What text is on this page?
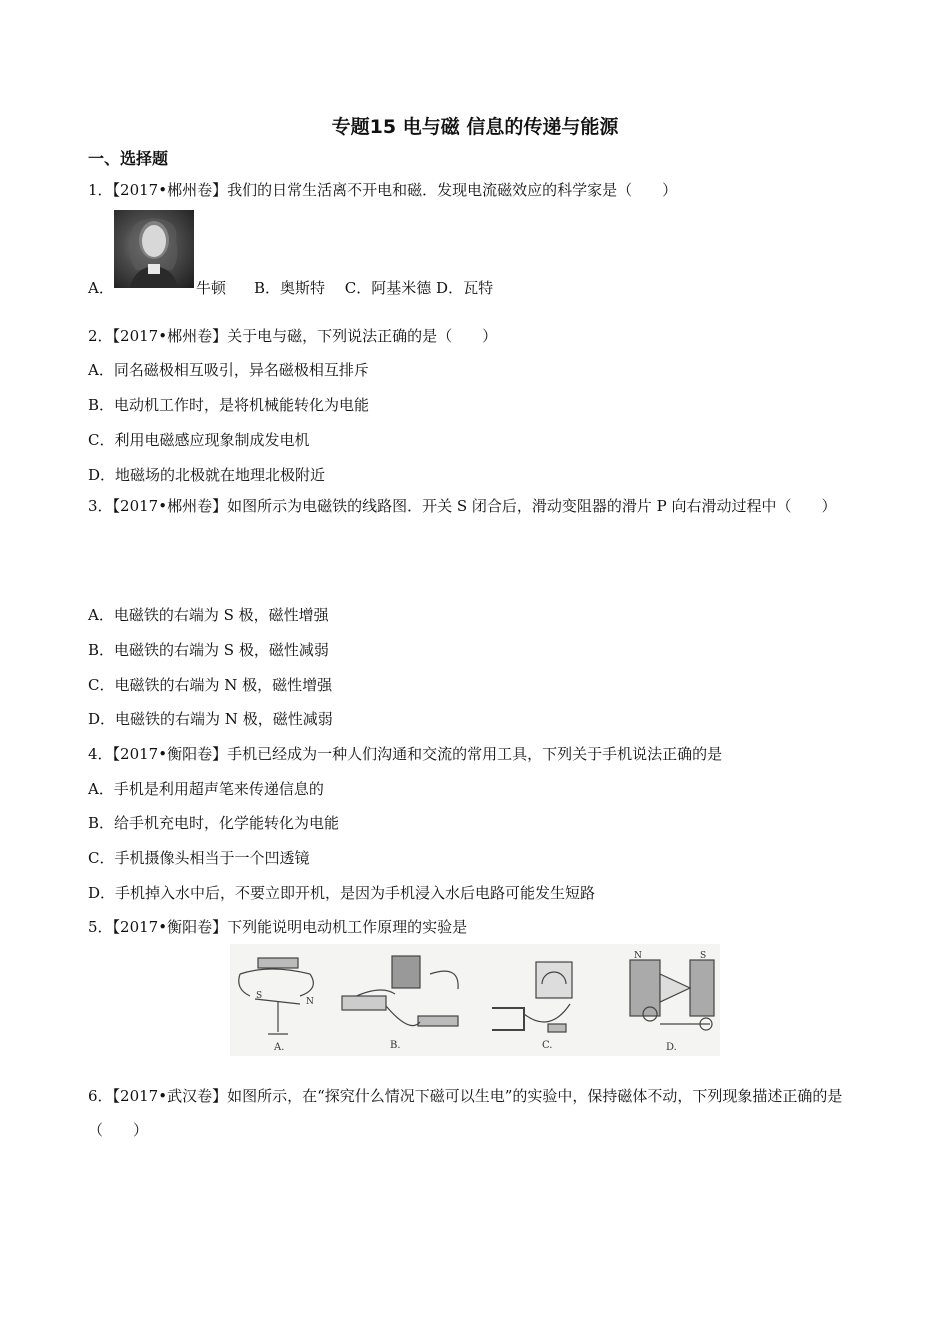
专题15 电与磁 信息的传递与能源
一、选择题
1．【2017•郴州卷】我们的日常生活离不开电和磁．发现电流磁效应的科学家是（　　）
A．	牛顿 B．奥斯特　 C．阿基米德 D．瓦特
2．【2017•郴州卷】关于电与磁，下列说法正确的是（　　）
A．同名磁极相互吸引，异名磁极相互排斥
B．电动机工作时，是将机械能转化为电能
C．利用电磁感应现象制成发电机
D．地磁场的北极就在地理北极附近
3．【2017•郴州卷】如图所示为电磁铁的线路图．开关 S 闭合后，滑动变阻器的滑片 P 向右滑动过程中（　　）
A．电磁铁的右端为 S 极，磁性增强
B．电磁铁的右端为 S 极，磁性减弱
C．电磁铁的右端为 N 极，磁性增强
D．电磁铁的右端为 N 极，磁性减弱
4．【2017•衡阳卷】手机已经成为一种人们沟通和交流的常用工具，下列关于手机说法正确的是
A．手机是利用超声笔来传递信息的
B．给手机充电时，化学能转化为电能
C．手机摄像头相当于一个凹透镜
D．手机掉入水中后，不要立即开机，是因为手机浸入水后电路可能发生短路
5．【2017•衡阳卷】下列能说明电动机工作原理的实验是
S
N
A.	B.	C.
N	S
D.
6．【2017•武汉卷】如图所示，在“探究什么情况下磁可以生电”的实验中，保持磁体不动，下列现象描述正确的是（　　）
